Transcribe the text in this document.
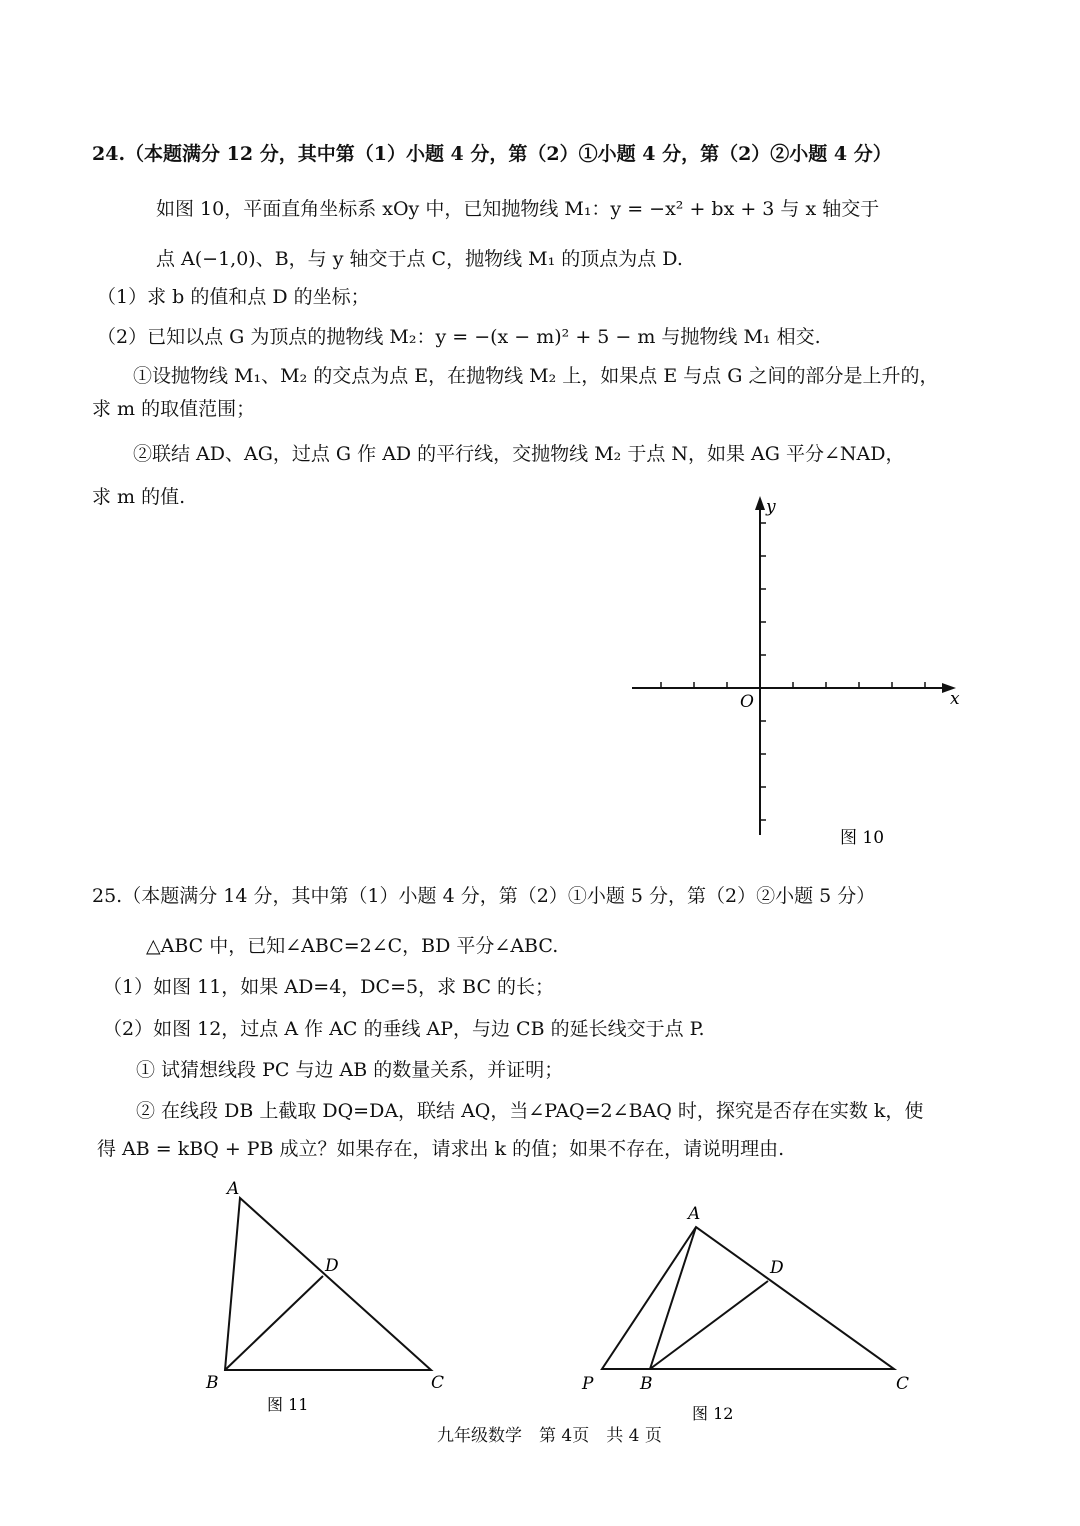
24.（本题满分 12 分，其中第（1）小题 4 分，第（2）①小题 4 分，第（2）②小题 4 分）
如图 10，平面直角坐标系 xOy 中，已知抛物线 M₁：y = −x² + bx + 3 与 x 轴交于
点 A(−1,0)、B，与 y 轴交于点 C，抛物线 M₁ 的顶点为点 D.
（1）求 b 的值和点 D 的坐标；
（2）已知以点 G 为顶点的抛物线 M₂：y = −(x − m)² + 5 − m 与抛物线 M₁ 相交.
①设抛物线 M₁、M₂ 的交点为点 E，在抛物线 M₂ 上，如果点 E 与点 G 之间的部分是上升的，
求 m 的取值范围；
②联结 AD、AG，过点 G 作 AD 的平行线，交抛物线 M₂ 于点 N，如果 AG 平分∠NAD，
求 m 的值.	y
x
O
图 10
25.（本题满分 14 分，其中第（1）小题 4 分，第（2）①小题 5 分，第（2）②小题 5 分）
△ABC 中，已知∠ABC=2∠C，BD 平分∠ABC.
（1）如图 11，如果 AD=4，DC=5，求 BC 的长；
（2）如图 12，过点 A 作 AC 的垂线 AP，与边 CB 的延长线交于点 P.
① 试猜想线段 PC 与边 AB 的数量关系，并证明；
② 在线段 DB 上截取 DQ=DA，联结 AQ，当∠PAQ=2∠BAQ 时，探究是否存在实数 k，使
得 AB = kBQ + PB 成立？如果存在，请求出 k 的值；如果不存在，请说明理由.
A
B	C
D
图 11
A
P	B	C
D
图 12
九年级数学　第 4页　共 4 页
